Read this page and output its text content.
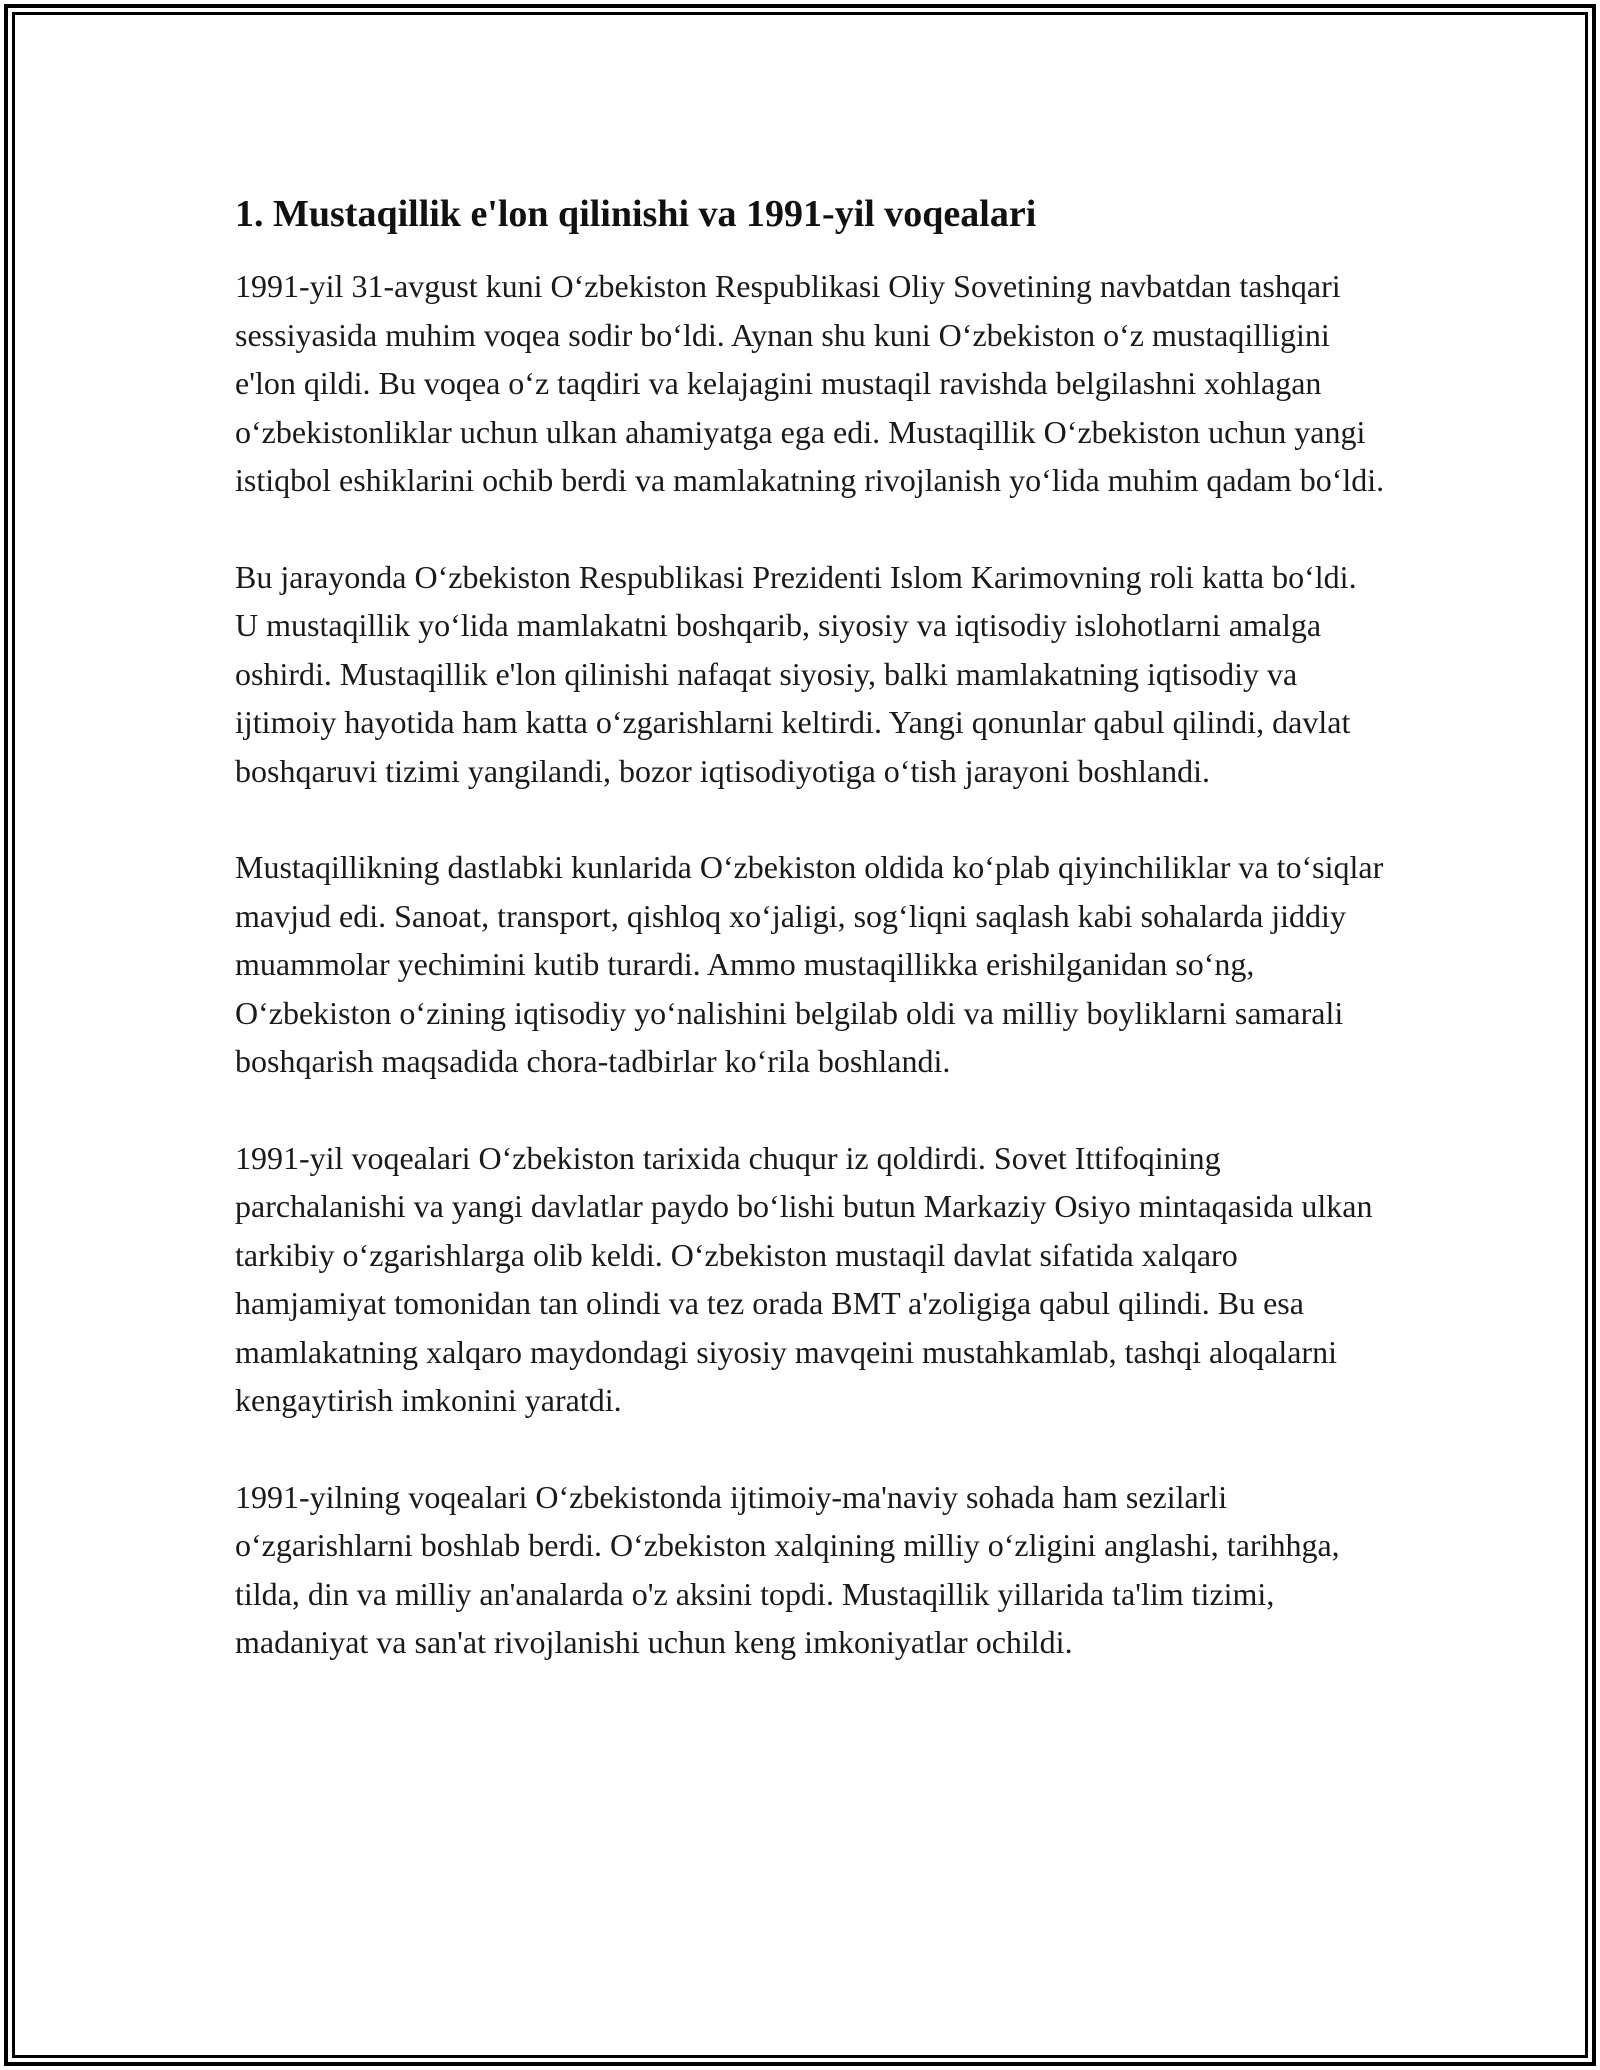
1. Mustaqillik e'lon qilinishi va 1991-yil voqealari

1991-yil 31-avgust kuni O‘zbekiston Respublikasi Oliy Sovetining navbatdan tashqari sessiyasida muhim voqea sodir bo‘ldi. Aynan shu kuni O‘zbekiston o‘z mustaqilligini e'lon qildi. Bu voqea o‘z taqdiri va kelajagini mustaqil ravishda belgilashni xohlagan o‘zbekistonliklar uchun ulkan ahamiyatga ega edi. Mustaqillik O‘zbekiston uchun yangi istiqbol eshiklarini ochib berdi va mamlakatning rivojlanish yo‘lida muhim qadam bo‘ldi.

Bu jarayonda O‘zbekiston Respublikasi Prezidenti Islom Karimovning roli katta bo‘ldi. U mustaqillik yo‘lida mamlakatni boshqarib, siyosiy va iqtisodiy islohotlarni amalga oshirdi. Mustaqillik e'lon qilinishi nafaqat siyosiy, balki mamlakatning iqtisodiy va ijtimoiy hayotida ham katta o‘zgarishlarni keltirdi. Yangi qonunlar qabul qilindi, davlat boshqaruvi tizimi yangilandi, bozor iqtisodiyotiga o‘tish jarayoni boshlandi.

Mustaqillikning dastlabki kunlarida O‘zbekiston oldida ko‘plab qiyinchiliklar va to‘siqlar mavjud edi. Sanoat, transport, qishloq xo‘jaligi, sog‘liqni saqlash kabi sohalarda jiddiy muammolar yechimini kutib turardi. Ammo mustaqillikka erishilganidan so‘ng, O‘zbekiston o‘zining iqtisodiy yo‘nalishini belgilab oldi va milliy boyliklarni samarali boshqarish maqsadida chora-tadbirlar ko‘rila boshlandi.

1991-yil voqealari O‘zbekiston tarixida chuqur iz qoldirdi. Sovet Ittifoqining parchalanishi va yangi davlatlar paydo bo‘lishi butun Markaziy Osiyo mintaqasida ulkan tarkibiy o‘zgarishlarga olib keldi. O‘zbekiston mustaqil davlat sifatida xalqaro hamjamiyat tomonidan tan olindi va tez orada BMT a'zoligiga qabul qilindi. Bu esa mamlakatning xalqaro maydondagi siyosiy mavqeini mustahkamlab, tashqi aloqalarni kengaytirish imkonini yaratdi.

1991-yilning voqealari O‘zbekistonda ijtimoiy-ma'naviy sohada ham sezilarli o‘zgarishlarni boshlab berdi. O‘zbekiston xalqining milliy o‘zligini anglashi, tarihhga, tilda, din va milliy an'analarda o'z aksini topdi. Mustaqillik yillarida ta'lim tizimi, madaniyat va san'at rivojlanishi uchun keng imkoniyatlar ochildi.
